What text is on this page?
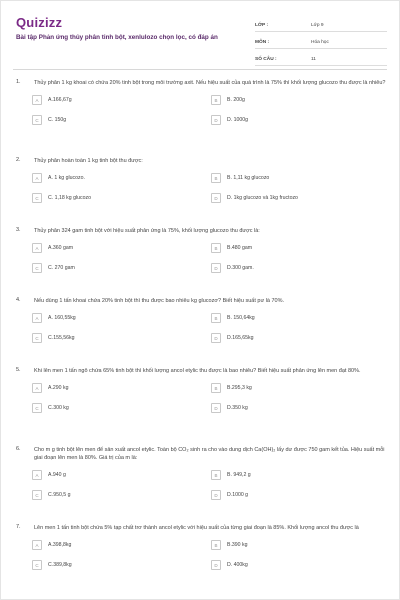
Quizizz
Bài tập Phản ứng thủy phân tinh bột, xenlulozo chọn lọc, có đáp án
LỚP :	Lớp 9
MÔN :	Hóa học
SỐ CÂU :	11
1.	Thủy phân 1 kg khoai có chứa 20% tinh bột trong môi trường axit. Nếu hiệu suất của quá trình là 75% thì khối lượng glucozo thu được là nhiêu?
A	A.166,67g	B	B. 200g
C	C. 150g	D	D. 1000g
2.	Thủy phân hoàn toàn 1 kg tinh bột thu được:
A	A. 1 kg glucozo.	B	B. 1,11 kg glucozo
C	C. 1,18 kg glucozo	D	D. 1kg glucozo và 1kg fructozo
3.	Thủy phân 324 gam tinh bột với hiệu suất phản ứng là 75%, khối lượng glucozo thu được là:
A	A.360 gam	B	B.480 gam
C	C. 270 gam	D	D.300 gam.
4.	Nếu dùng 1 tấn khoai chứa 20% tinh bột thì thu được bao nhiêu kg glucozơ? Biết hiệu suất pư là 70%.
A	A. 160,55kg	B	B. 150,64kg
C	C.155,56kg	D	D.165,65kg
5.	Khi lên men 1 tấn ngô chứa 65% tinh bột thì khối lượng ancol etylic thu được là bao nhiêu? Biết hiệu suất phản ứng lên men đạt 80%.
A	A.290 kg	B	B.295,3 kg
C	C.300 kg	D	D.350 kg
6.	Cho m g tinh bột lên men để sản xuất ancol etylic. Toàn bộ CO₂ sinh ra cho vào dung dịch Ca(OH)₂ lấy dư được 750 gam kết tủa. Hiệu suất mỗi giai đoạn lên men là 80%. Giá trị của m là:
A	A.940 g	B	B. 949,2 g
C	C.950,5 g	D	D.1000 g
7.	Lên men 1 tấn tinh bột chứa 5% tạp chất trơ thành ancol etylic với hiệu suất của từng giai đoạn là 85%. Khối lượng ancol thu được là
A	A.398,8kg	B	B.390 kg
C	C.389,8kg	D	D. 400kg
